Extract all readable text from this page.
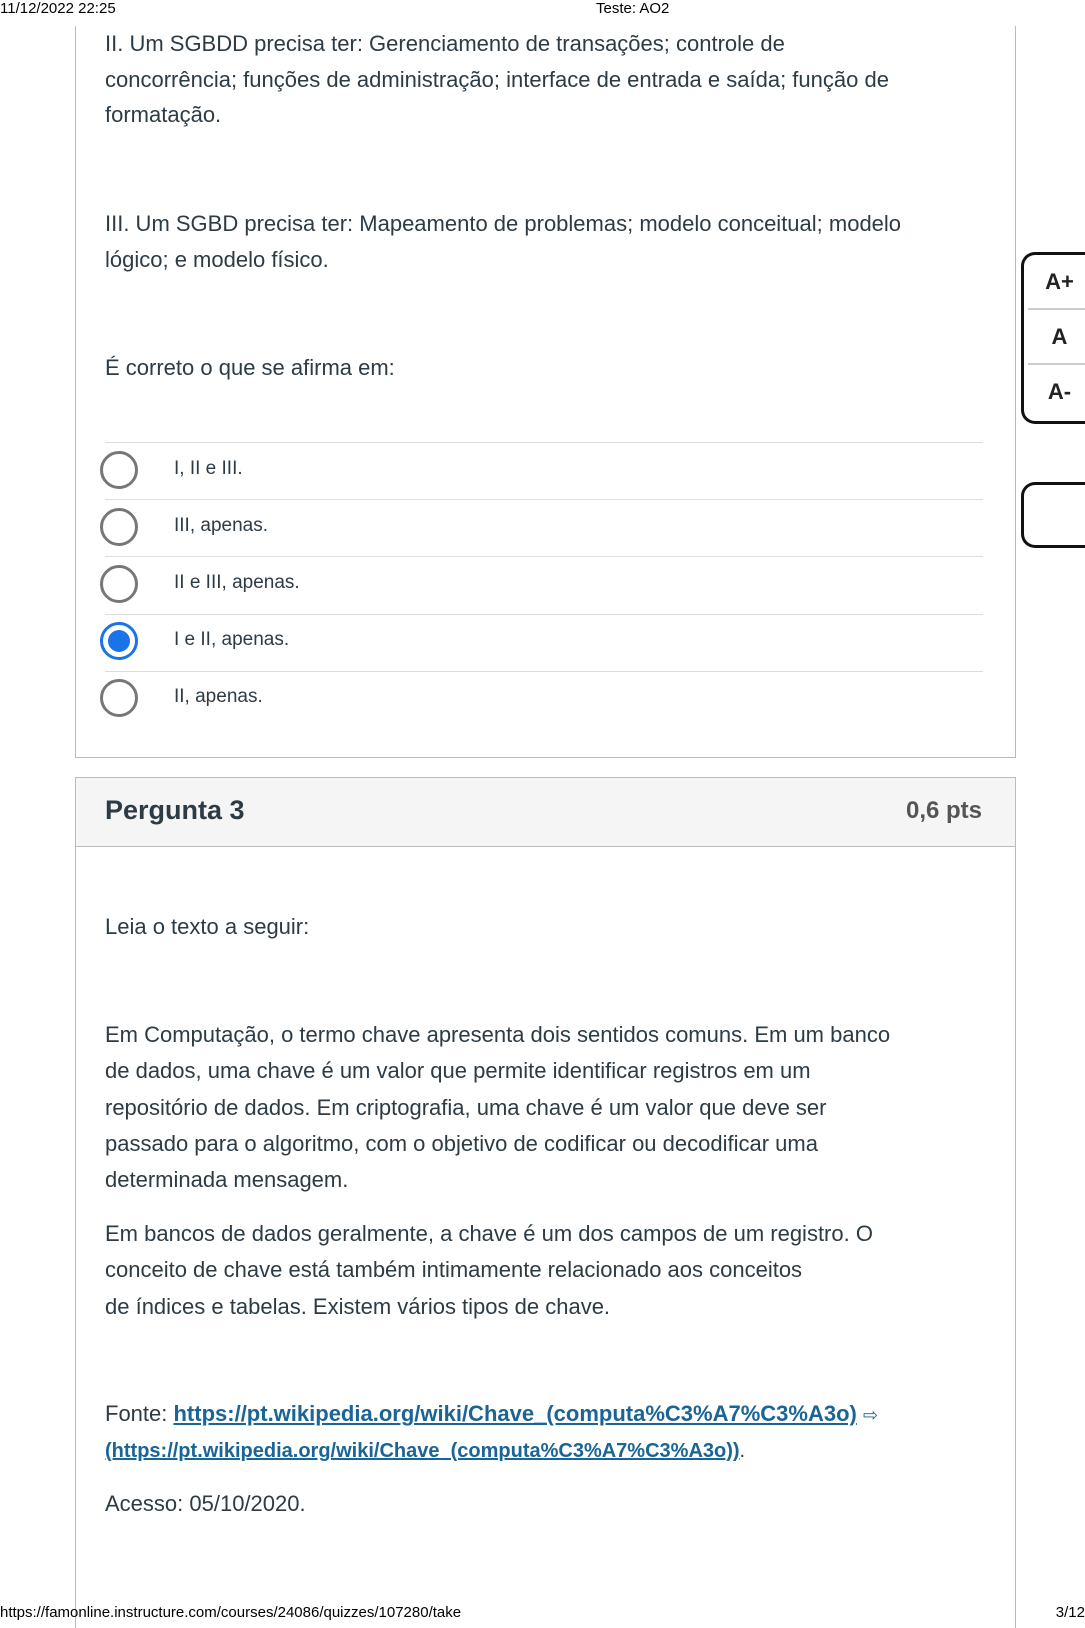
11/12/2022 22:25	Teste: AO2
II. Um SGBDD precisa ter: Gerenciamento de transações; controle de
concorrência; funções de administração; interface de entrada e saída; função de
formatação.
III. Um SGBD precisa ter: Mapeamento de problemas; modelo conceitual; modelo
lógico; e modelo físico.
É correto o que se afirma em:
I, II e III.
III, apenas.
II e III, apenas.
I e II, apenas.
II, apenas.
Pergunta 3	0,6 pts
Leia o texto a seguir:
Em Computação, o termo chave apresenta dois sentidos comuns. Em um banco
de dados, uma chave é um valor que permite identificar registros em um
repositório de dados. Em criptografia, uma chave é um valor que deve ser
passado para o algoritmo, com o objetivo de codificar ou decodificar uma
determinada mensagem.
Em bancos de dados geralmente, a chave é um dos campos de um registro. O
conceito de chave está também intimamente relacionado aos conceitos
de índices e tabelas. Existem vários tipos de chave.
Fonte: https://pt.wikipedia.org/wiki/Chave_(computa%C3%A7%C3%A3o) ⇨
(https://pt.wikipedia.org/wiki/Chave_(computa%C3%A7%C3%A3o)).
Acesso: 05/10/2020.
A+
A
A-
https://famonline.instructure.com/courses/24086/quizzes/107280/take	3/12
